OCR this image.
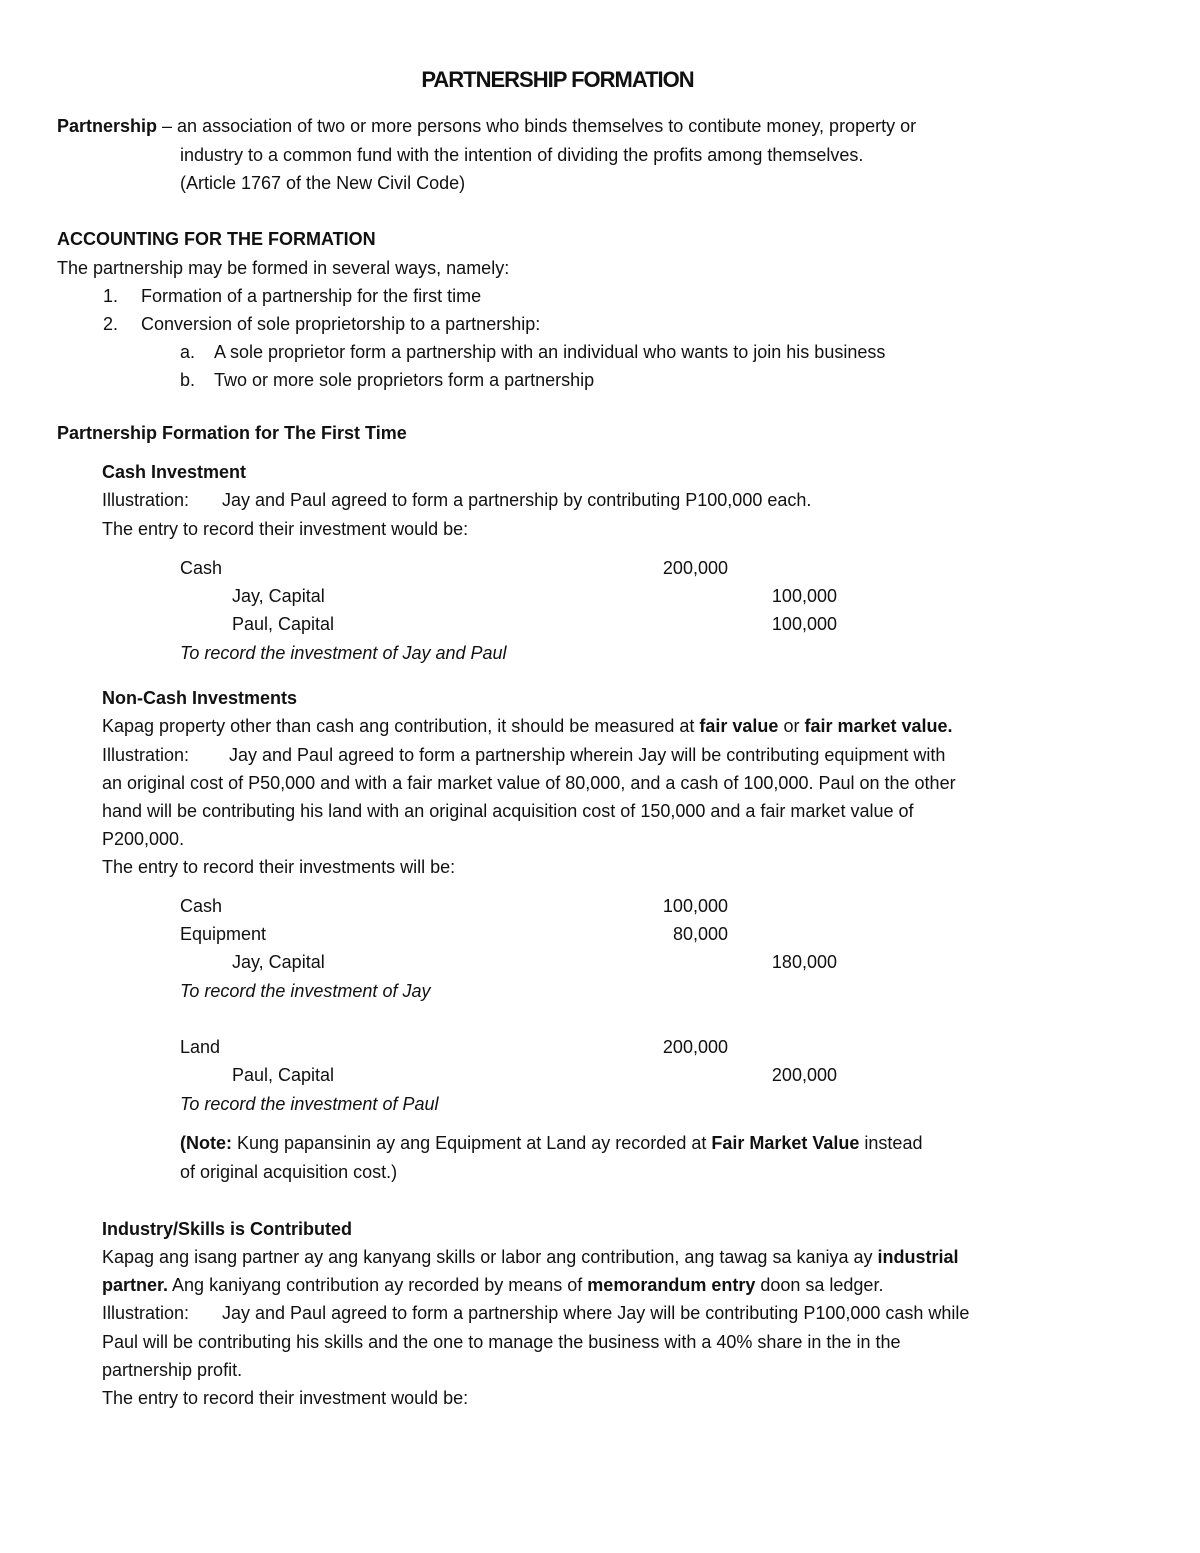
PARTNERSHIP FORMATION
Partnership – an association of two or more persons who binds themselves to contibute money, property or
industry to a common fund with the intention of dividing the profits among themselves.
(Article 1767 of the New Civil Code)
ACCOUNTING FOR THE FORMATION
The partnership may be formed in several ways, namely:
1. Formation of a partnership for the first time
2. Conversion of sole proprietorship to a partnership:
a. A sole proprietor form a partnership with an individual who wants to join his business
b. Two or more sole proprietors form a partnership
Partnership Formation for The First Time
Cash Investment
Illustration: Jay and Paul agreed to form a partnership by contributing P100,000 each.
The entry to record their investment would be:
Cash	200,000
Jay, Capital	100,000
Paul, Capital	100,000
To record the investment of Jay and Paul
Non-Cash Investments
Kapag property other than cash ang contribution, it should be measured at fair value or fair market value.
Illustration: Jay and Paul agreed to form a partnership wherein Jay will be contributing equipment with
an original cost of P50,000 and with a fair market value of 80,000, and a cash of 100,000. Paul on the other
hand will be contributing his land with an original acquisition cost of 150,000 and a fair market value of
P200,000.
The entry to record their investments will be:
Cash	100,000
Equipment	80,000
Jay, Capital	180,000
To record the investment of Jay
Land	200,000
Paul, Capital	200,000
To record the investment of Paul
(Note: Kung papansinin ay ang Equipment at Land ay recorded at Fair Market Value instead
of original acquisition cost.)
Industry/Skills is Contributed
Kapag ang isang partner ay ang kanyang skills or labor ang contribution, ang tawag sa kaniya ay industrial
partner. Ang kaniyang contribution ay recorded by means of memorandum entry doon sa ledger.
Illustration: Jay and Paul agreed to form a partnership where Jay will be contributing P100,000 cash while
Paul will be contributing his skills and the one to manage the business with a 40% share in the in the
partnership profit.
The entry to record their investment would be:
